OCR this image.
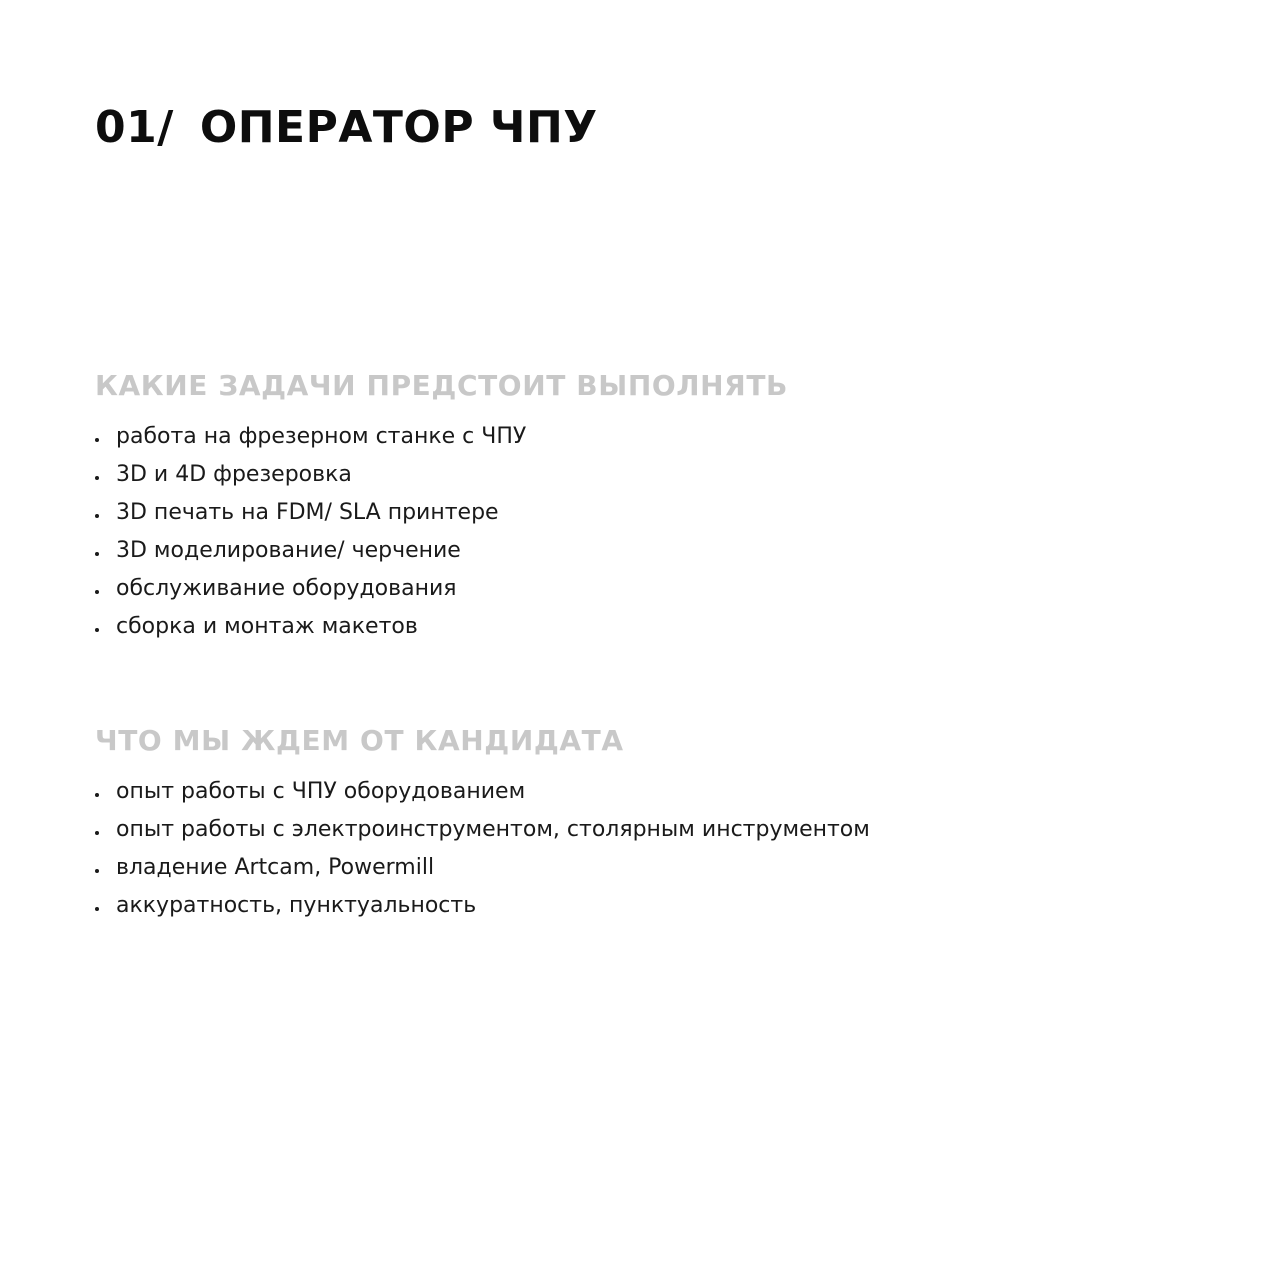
01/ ОПЕРАТОР ЧПУ
КАКИЕ ЗАДАЧИ ПРЕДСТОИТ ВЫПОЛНЯТЬ
работа на фрезерном станке с ЧПУ
3D и 4D фрезеровка
3D печать на FDM/ SLA принтере
3D моделирование/ черчение
обслуживание оборудования
сборка и монтаж макетов
ЧТО МЫ ЖДЕМ ОТ КАНДИДАТА
опыт работы с ЧПУ оборудованием
опыт работы с электроинструментом, столярным инструментом
владение Artcam, Powermill
аккуратность, пунктуальность
